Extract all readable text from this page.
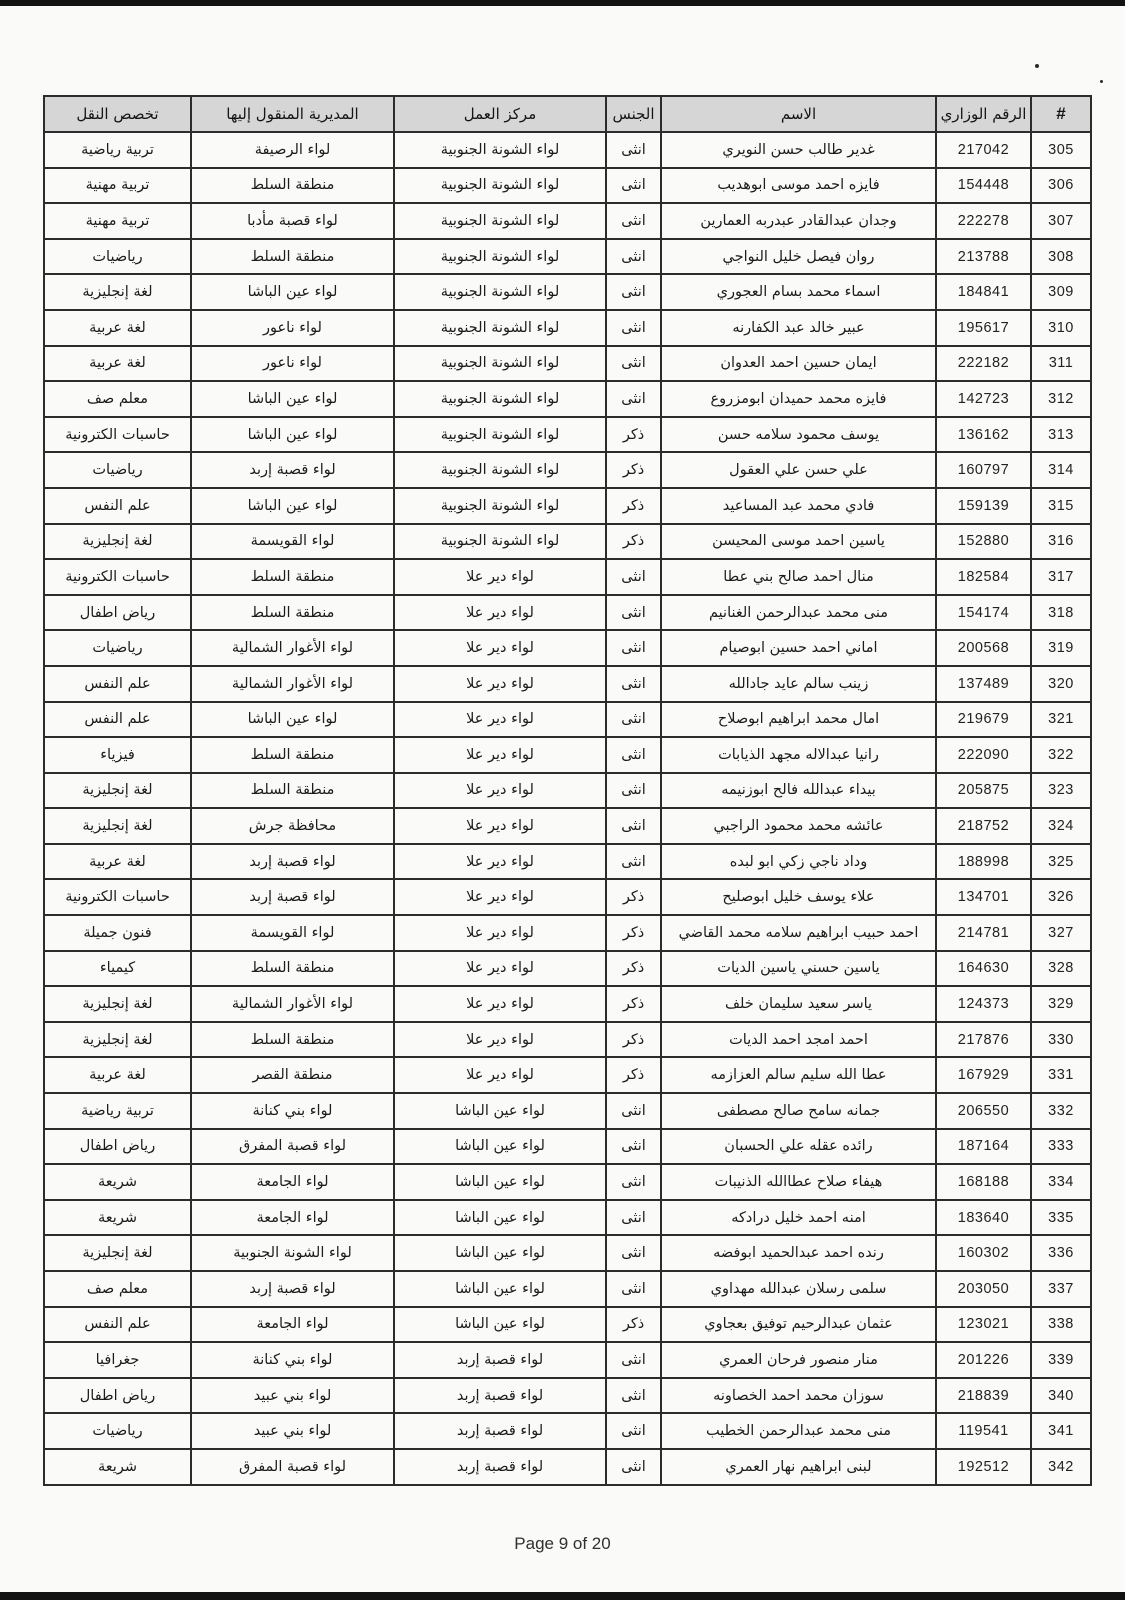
#	الرقم الوزاري	الاسم	الجنس	مركز العمل	المديرية المنقول إليها	تخصص النقل
305	217042	غدير طالب حسن النويري	انثى	لواء الشونة الجنوبية	لواء الرصيفة	تربية رياضية
306	154448	فايزه احمد موسى ابوهديب	انثى	لواء الشونة الجنوبية	منطقة السلط	تربية مهنية
307	222278	وجدان عبدالقادر عبدربه العمارين	انثى	لواء الشونة الجنوبية	لواء قصبة مأدبا	تربية مهنية
308	213788	روان فيصل خليل النواجي	انثى	لواء الشونة الجنوبية	منطقة السلط	رياضيات
309	184841	اسماء محمد بسام العجوري	انثى	لواء الشونة الجنوبية	لواء عين الباشا	لغة إنجليزية
310	195617	عبير خالد عبد الكفارنه	انثى	لواء الشونة الجنوبية	لواء ناعور	لغة عربية
311	222182	ايمان حسين احمد العدوان	انثى	لواء الشونة الجنوبية	لواء ناعور	لغة عربية
312	142723	فايزه محمد حميدان ابومزروع	انثى	لواء الشونة الجنوبية	لواء عين الباشا	معلم صف
313	136162	يوسف محمود سلامه حسن	ذكر	لواء الشونة الجنوبية	لواء عين الباشا	حاسبات الكترونية
314	160797	علي حسن علي العقول	ذكر	لواء الشونة الجنوبية	لواء قصبة إربد	رياضيات
315	159139	فادي محمد عبد المساعيد	ذكر	لواء الشونة الجنوبية	لواء عين الباشا	علم النفس
316	152880	ياسين احمد موسى المحيسن	ذكر	لواء الشونة الجنوبية	لواء القويسمة	لغة إنجليزية
317	182584	منال احمد صالح بني عطا	انثى	لواء دير علا	منطقة السلط	حاسبات الكترونية
318	154174	منى محمد عبدالرحمن الغنانيم	انثى	لواء دير علا	منطقة السلط	رياض اطفال
319	200568	اماني احمد حسين ابوصيام	انثى	لواء دير علا	لواء الأغوار الشمالية	رياضيات
320	137489	زينب سالم عايد جادالله	انثى	لواء دير علا	لواء الأغوار الشمالية	علم النفس
321	219679	امال محمد ابراهيم ابوصلاح	انثى	لواء دير علا	لواء عين الباشا	علم النفس
322	222090	رانيا عبدالاله مجهد الذيابات	انثى	لواء دير علا	منطقة السلط	فيزياء
323	205875	بيداء عبدالله فالح ابوزنيمه	انثى	لواء دير علا	منطقة السلط	لغة إنجليزية
324	218752	عائشه محمد محمود الراجبي	انثى	لواء دير علا	محافظة جرش	لغة إنجليزية
325	188998	وداد ناجي زكي ابو لبده	انثى	لواء دير علا	لواء قصبة إربد	لغة عربية
326	134701	علاء يوسف خليل ابوصليح	ذكر	لواء دير علا	لواء قصبة إربد	حاسبات الكترونية
327	214781	احمد حبيب ابراهيم سلامه محمد القاضي	ذكر	لواء دير علا	لواء القويسمة	فنون جميلة
328	164630	ياسين حسني ياسين الديات	ذكر	لواء دير علا	منطقة السلط	كيمياء
329	124373	ياسر سعيد سليمان خلف	ذكر	لواء دير علا	لواء الأغوار الشمالية	لغة إنجليزية
330	217876	احمد امجد احمد الديات	ذكر	لواء دير علا	منطقة السلط	لغة إنجليزية
331	167929	عطا الله سليم سالم العزازمه	ذكر	لواء دير علا	منطقة القصر	لغة عربية
332	206550	جمانه سامح صالح مصطفى	انثى	لواء عين الباشا	لواء بني كنانة	تربية رياضية
333	187164	رائده عقله علي الحسبان	انثى	لواء عين الباشا	لواء قصبة المفرق	رياض اطفال
334	168188	هيفاء صلاح عطاالله الذنيبات	انثى	لواء عين الباشا	لواء الجامعة	شريعة
335	183640	امنه احمد خليل درادكه	انثى	لواء عين الباشا	لواء الجامعة	شريعة
336	160302	رنده احمد عبدالحميد ابوفضه	انثى	لواء عين الباشا	لواء الشونة الجنوبية	لغة إنجليزية
337	203050	سلمى رسلان عبدالله مهداوي	انثى	لواء عين الباشا	لواء قصبة إربد	معلم صف
338	123021	عثمان عبدالرحيم توفيق بعجاوي	ذكر	لواء عين الباشا	لواء الجامعة	علم النفس
339	201226	منار منصور فرحان العمري	انثى	لواء قصبة إربد	لواء بني كنانة	جغرافيا
340	218839	سوزان محمد احمد الخصاونه	انثى	لواء قصبة إربد	لواء بني عبيد	رياض اطفال
341	119541	منى محمد عبدالرحمن الخطيب	انثى	لواء قصبة إربد	لواء بني عبيد	رياضيات
342	192512	لبنى ابراهيم نهار العمري	انثى	لواء قصبة إربد	لواء قصبة المفرق	شريعة
Page 9 of 20
